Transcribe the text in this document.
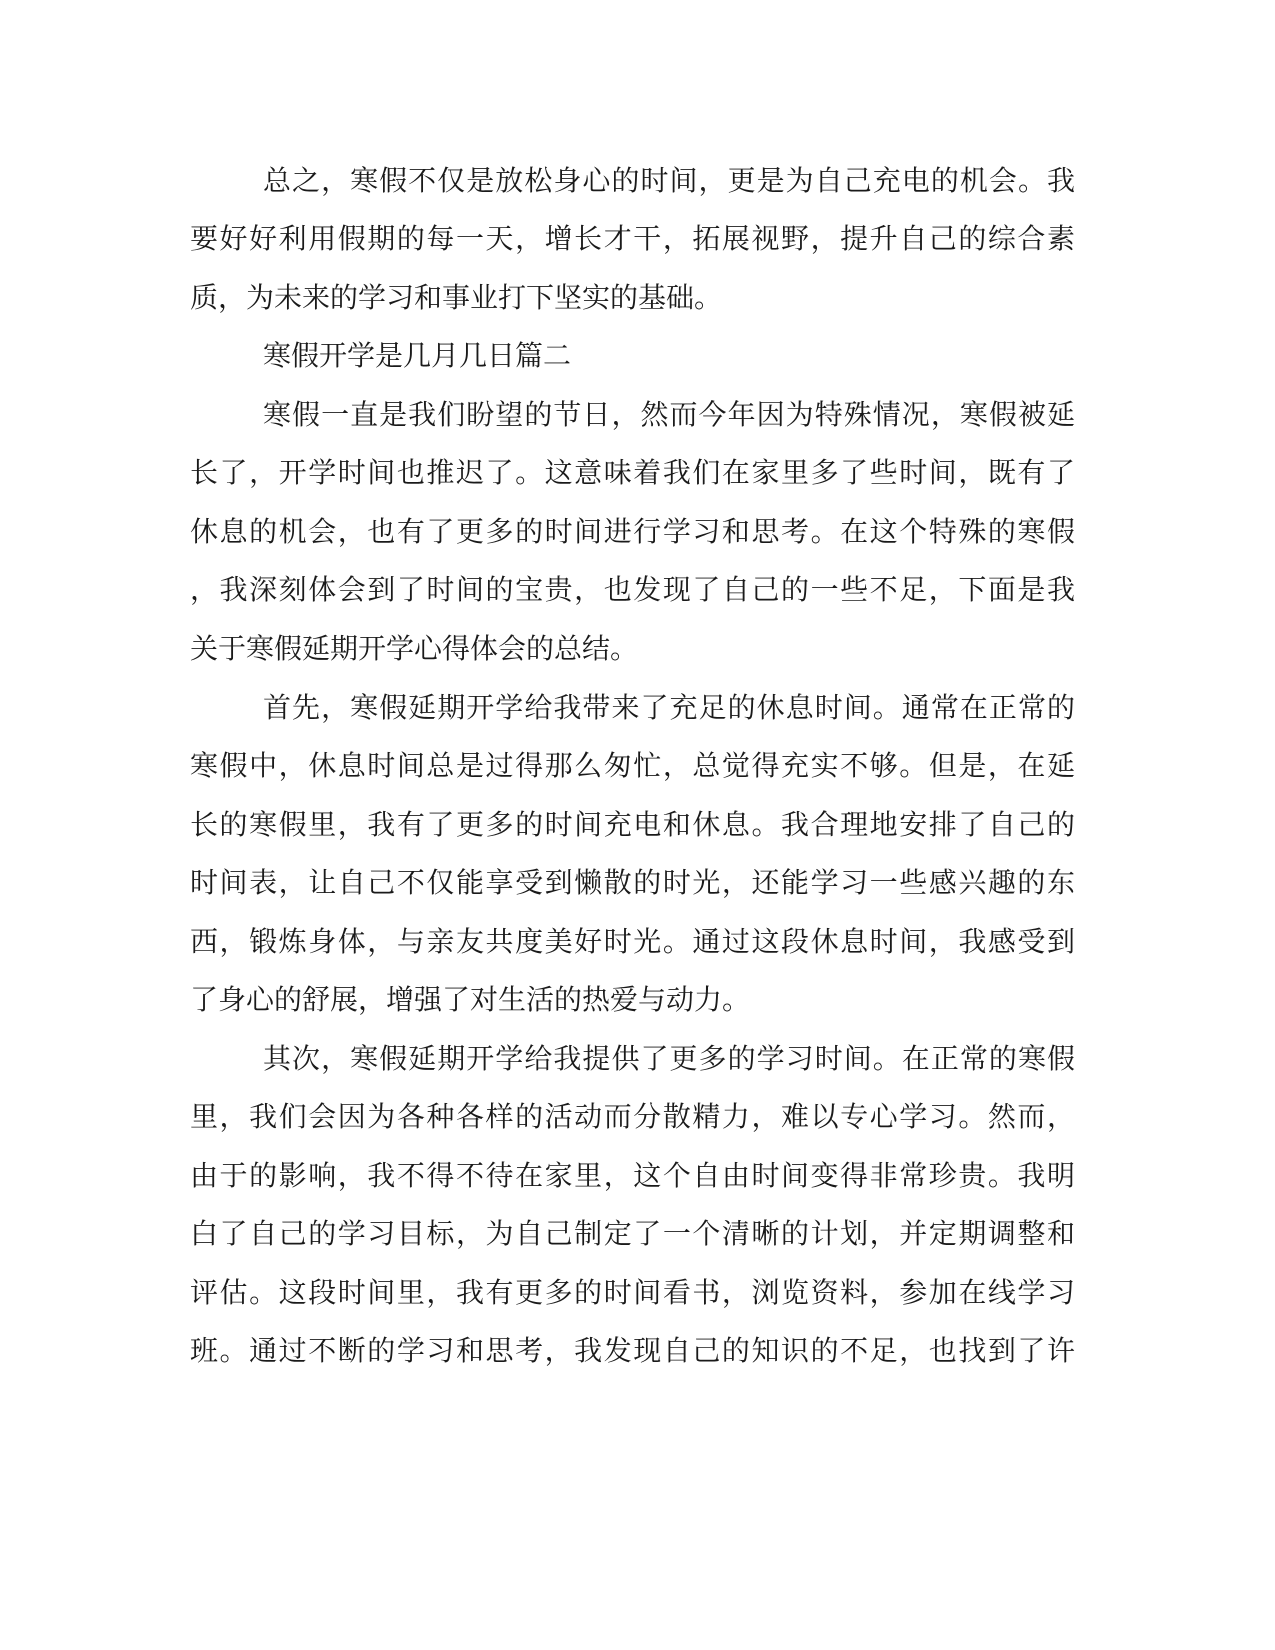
总之，寒假不仅是放松身心的时间，更是为自己充电的机会。我
要好好利用假期的每一天，增长才干，拓展视野，提升自己的综合素
质，为未来的学习和事业打下坚实的基础。
寒假开学是几月几日篇二
寒假一直是我们盼望的节日，然而今年因为特殊情况，寒假被延
长了，开学时间也推迟了。这意味着我们在家里多了些时间，既有了
休息的机会，也有了更多的时间进行学习和思考。在这个特殊的寒假
，我深刻体会到了时间的宝贵，也发现了自己的一些不足，下面是我
关于寒假延期开学心得体会的总结。
首先，寒假延期开学给我带来了充足的休息时间。通常在正常的
寒假中，休息时间总是过得那么匆忙，总觉得充实不够。但是，在延
长的寒假里，我有了更多的时间充电和休息。我合理地安排了自己的
时间表，让自己不仅能享受到懒散的时光，还能学习一些感兴趣的东
西，锻炼身体，与亲友共度美好时光。通过这段休息时间，我感受到
了身心的舒展，增强了对生活的热爱与动力。
其次，寒假延期开学给我提供了更多的学习时间。在正常的寒假
里，我们会因为各种各样的活动而分散精力，难以专心学习。然而，
由于的影响，我不得不待在家里，这个自由时间变得非常珍贵。我明
白了自己的学习目标，为自己制定了一个清晰的计划，并定期调整和
评估。这段时间里，我有更多的时间看书，浏览资料，参加在线学习
班。通过不断的学习和思考，我发现自己的知识的不足，也找到了许
